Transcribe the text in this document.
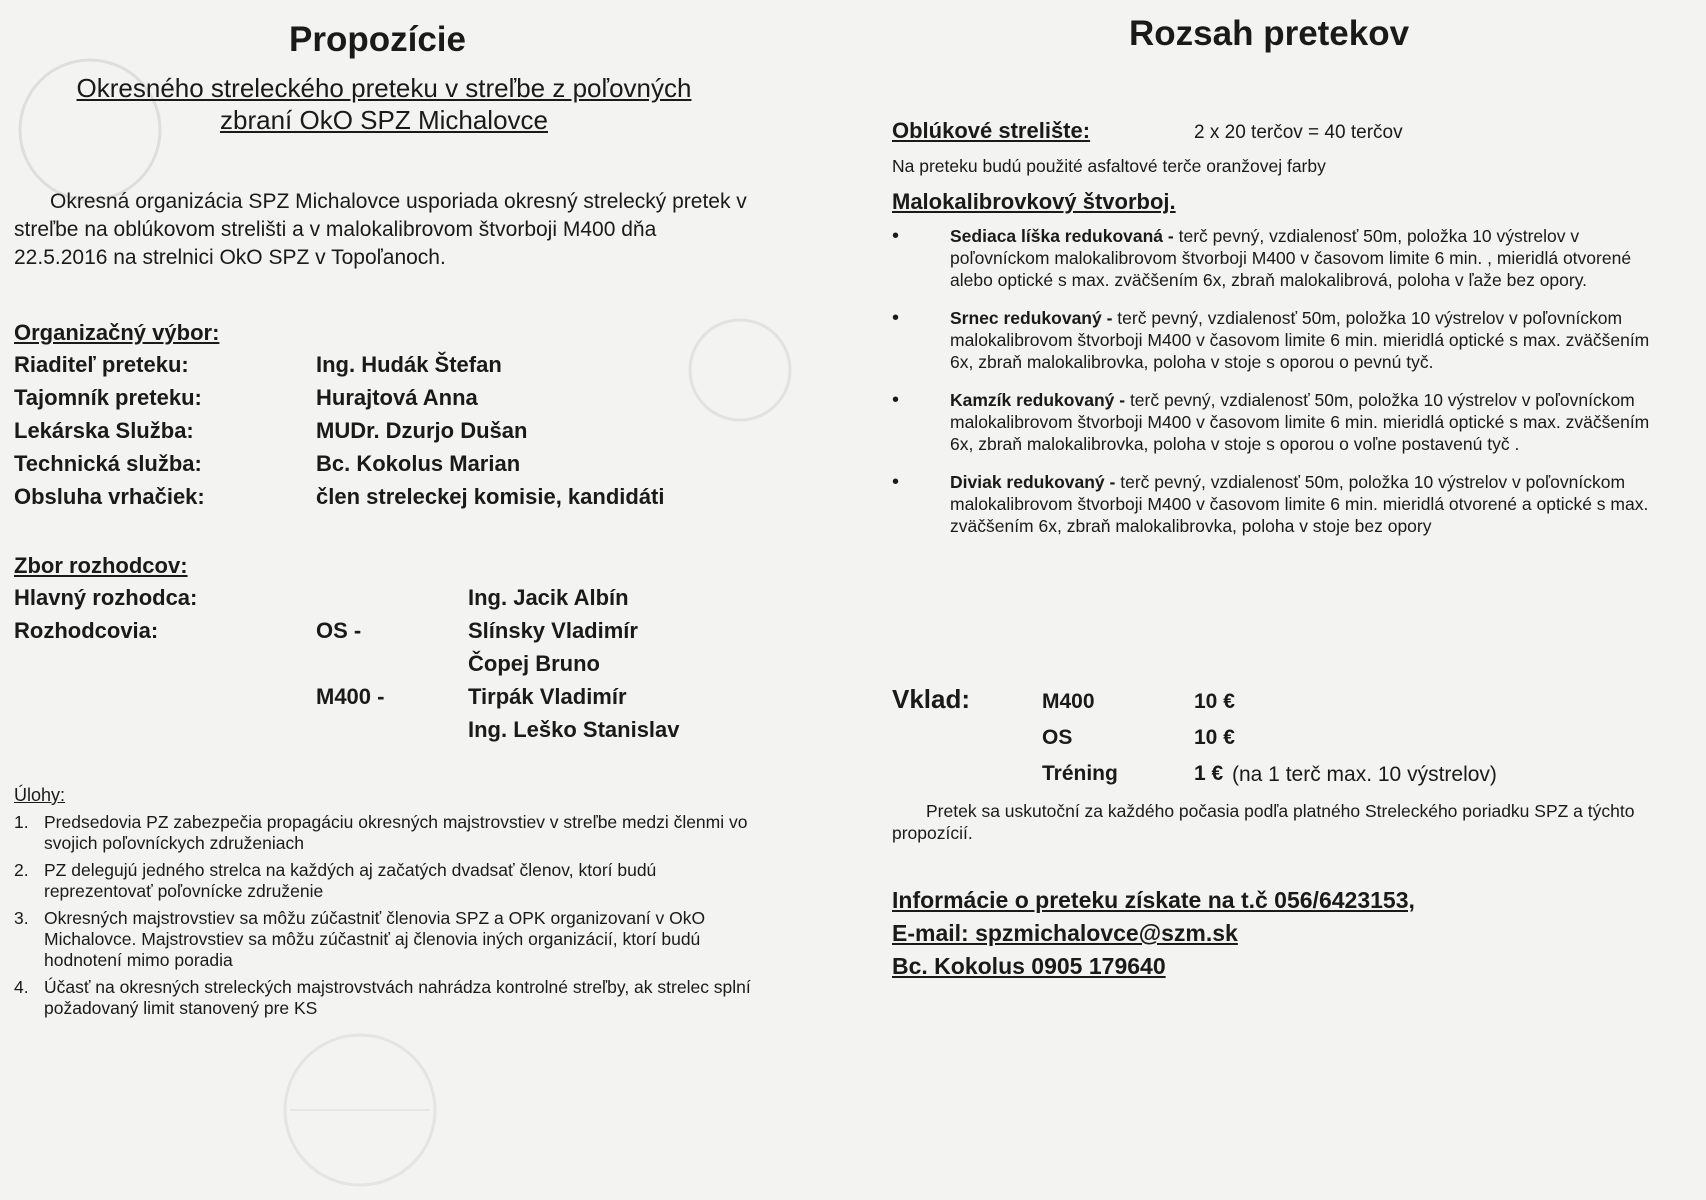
Propozície
Okresného streleckého preteku v streľbe z poľovných
zbraní OkO SPZ Michalovce

Okresná organizácia SPZ Michalovce usporiada okresný strelecký pretek v streľbe na oblúkovom strelišti a v malokalibrovom štvorboji M400 dňa 22.5.2016 na strelnici OkO SPZ v Topoľanoch.

Organizačný výbor:
Riaditeľ preteku:	Ing. Hudák Štefan
Tajomník preteku:	Hurajtová Anna
Lekárska Služba:	MUDr. Dzurjo Dušan
Technická služba:	Bc. Kokolus Marian
Obsluha vrhačiek:	člen streleckej komisie, kandidáti
Zbor rozhodcov:
Hlavný rozhodca:	Ing. Jacik Albín
Rozhodcovia:	OS -	Slínsky Vladimír
Čopej Bruno
M400 -	Tirpák Vladimír
Ing. Leško Stanislav
Úlohy:
1. Predsedovia PZ zabezpečia propagáciu okresných majstrovstiev v streľbe medzi členmi vo svojich poľovníckych združeniach
2. PZ delegujú jedného strelca na každých aj začatých dvadsať členov, ktorí budú reprezentovať poľovnícke združenie
3. Okresných majstrovstiev sa môžu zúčastniť členovia SPZ a OPK organizovaní v OkO Michalovce. Majstrovstiev sa môžu zúčastniť aj členovia iných organizácií, ktorí budú hodnotení mimo poradia
4. Účasť na okresných streleckých majstrovstvách nahrádza kontrolné streľby, ak strelec splní požadovaný limit stanovený pre KS
Rozsah pretekov
Oblúkové strelište:	2 x 20 terčov = 40 terčov
Na preteku budú použité asfaltové terče oranžovej farby
Malokalibrovkový štvorboj.
•	Sediaca líška redukovaná - terč pevný, vzdialenosť 50m, položka 10 výstrelov v poľovníckom malokalibrovom štvorboji M400 v časovom limite 6 min. , mieridlá otvorené alebo optické s max. zväčšením 6x, zbraň malokalibrová, poloha v ľaže bez opory.
•	Srnec redukovaný - terč pevný, vzdialenosť 50m, položka 10 výstrelov v poľovníckom malokalibrovom štvorboji M400 v časovom limite 6 min. mieridlá optické s max. zväčšením 6x, zbraň malokalibrovka, poloha v stoje s oporou o pevnú tyč.
•	Kamzík redukovaný - terč pevný, vzdialenosť 50m, položka 10 výstrelov v poľovníckom malokalibrovom štvorboji M400 v časovom limite 6 min. mieridlá optické s max. zväčšením 6x, zbraň malokalibrovka, poloha v stoje s oporou o voľne postavenú tyč .
•	Diviak redukovaný - terč pevný, vzdialenosť 50m, položka 10 výstrelov v poľovníckom malokalibrovom štvorboji M400 v časovom limite 6 min. mieridlá otvorené a optické s max. zväčšením 6x, zbraň malokalibrovka, poloha v stoje bez opory
Vklad:	M400	10 €
OS	10 €
Tréning	1 € (na 1 terč max. 10 výstrelov)
Pretek sa uskutoční za každého počasia podľa platného Streleckého poriadku SPZ a týchto propozícií.
Informácie o preteku získate na t.č 056/6423153,
E-mail: spzmichalovce@szm.sk
Bc. Kokolus 0905 179640
